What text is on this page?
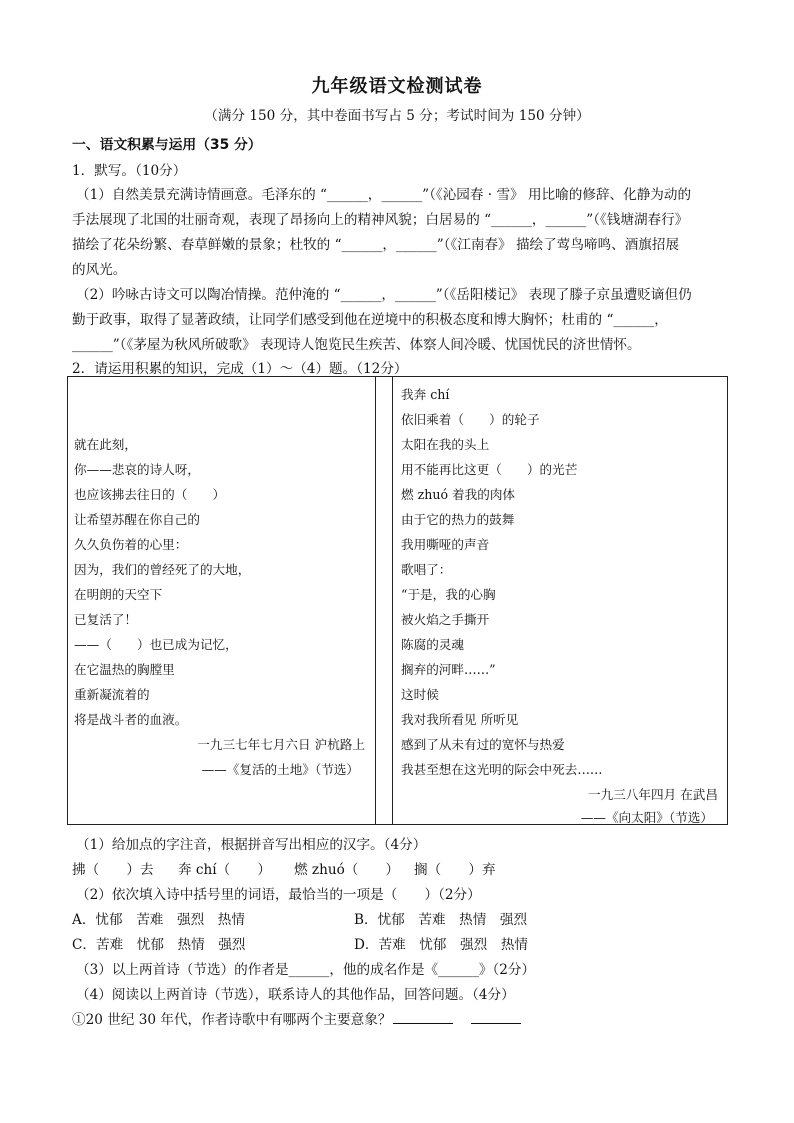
九年级语文检测试卷
（满分 150 分，其中卷面书写占 5 分；考试时间为 150 分钟）
一、语文积累与运用（35 分）
1．默写。（10分）
（1）自然美景充满诗情画意。毛泽东的 “______，______”（《沁园春 · 雪》 用比喻的修辞、化静为动的
手法展现了北国的壮丽奇观，表现了昂扬向上的精神风貌；白居易的 “______，______”（《钱塘湖春行》
描绘了花朵纷繁、春草鲜嫩的景象；杜牧的 “______，______”（《江南春》 描绘了莺鸟啼鸣、酒旗招展
的风光。
（2）吟咏古诗文可以陶冶情操。范仲淹的 “______，______”（《岳阳楼记》 表现了滕子京虽遭贬谪但仍
勤于政事，取得了显著政绩，让同学们感受到他在逆境中的积极态度和博大胸怀；杜甫的 “______，
______”（《茅屋为秋风所破歌》 表现诗人饱览民生疾苦、体察人间冷暖、忧国忧民的济世情怀。
2．请运用积累的知识，完成（1）～（4）题。（12分）
就在此刻，
你——悲哀的诗人呀，
也应该拂去往日的（　　）
让希望苏醒在你自己的
久久负伤着的心里：
因为，我们的曾经死了的大地，
在明朗的天空下
已复活了！
——（　　）也已成为记忆，
在它温热的胸膛里
重新凝流着的
将是战斗者的血液。
一九三七年七月六日 沪杭路上
——《复活的土地》（节选）
我奔 chí
依旧乘着（　　）的轮子
太阳在我的头上
用不能再比这更（　　）的光芒
燃 zhuó 着我的肉体
由于它的热力的鼓舞
我用嘶哑的声音
歌唱了：
“于是，我的心胸
被火焰之手撕开
陈腐的灵魂
搁弃的河畔……”
这时候
我对我所看见 所听见
感到了从未有过的宽怀与热爱
我甚至想在这光明的际会中死去……
一九三八年四月 在武昌
——《向太阳》（节选）
（1）给加点的字注音，根据拼音写出相应的汉字。（4分）
拂（　　）去 奔 chí（　　） 燃 zhuó（　　） 搁（　　）弃
（2）依次填入诗中括号里的词语，最恰当的一项是（　　）（2分）
A．忧郁　苦难　强烈　热情	B．忧郁　苦难　热情　强烈
C．苦难　忧郁　热情　强烈	D．苦难　忧郁　强烈　热情
（3）以上两首诗（节选）的作者是______，他的成名作是《______》（2分）
（4）阅读以上两首诗（节选），联系诗人的其他作品，回答问题。（4分）
①20 世纪 30 年代，作者诗歌中有哪两个主要意象？
